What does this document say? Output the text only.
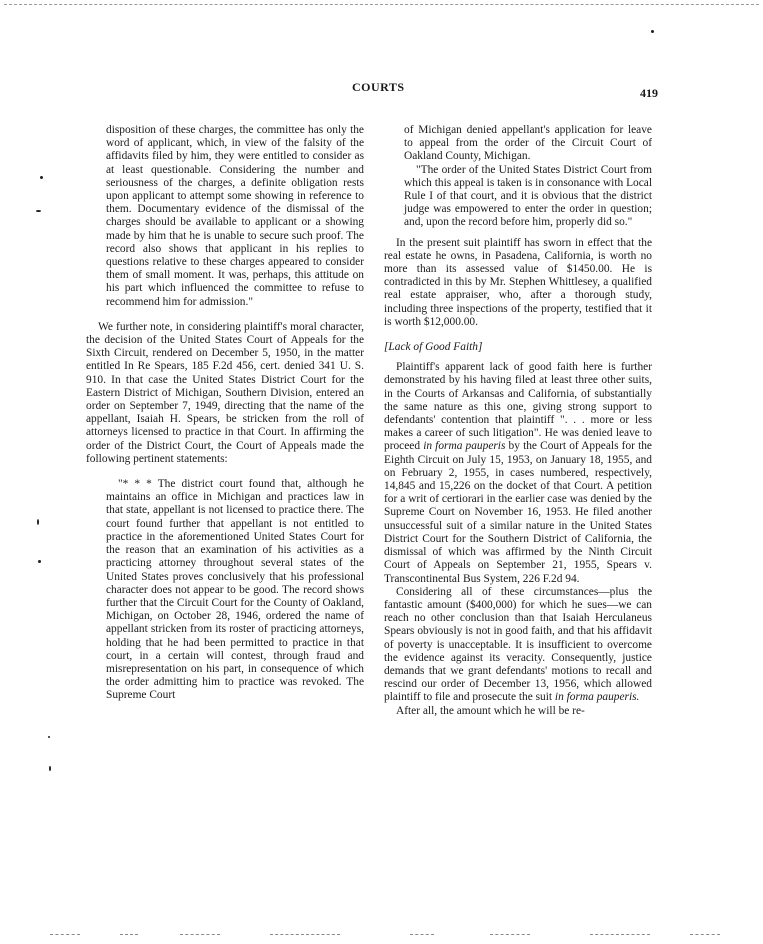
COURTS	419

disposition of these charges, the committee has only the word of applicant, which, in view of the falsity of the affidavits filed by him, they were entitled to consider as at least questionable. Considering the number and seriousness of the charges, a definite obligation rests upon applicant to attempt some showing in reference to them. Documentary evidence of the dismissal of the charges should be available to applicant or a showing made by him that he is unable to secure such proof. The record also shows that applicant in his replies to questions relative to these charges appeared to consider them of small moment. It was, perhaps, this attitude on his part which influenced the committee to refuse to recommend him for admission."

We further note, in considering plaintiff's moral character, the decision of the United States Court of Appeals for the Sixth Circuit, rendered on December 5, 1950, in the matter entitled In Re Spears, 185 F.2d 456, cert. denied 341 U. S. 910. In that case the United States District Court for the Eastern District of Michigan, Southern Division, entered an order on September 7, 1949, directing that the name of the appellant, Isaiah H. Spears, be stricken from the roll of attorneys licensed to practice in that Court. In affirming the order of the District Court, the Court of Appeals made the following pertinent statements:

"* * * The district court found that, although he maintains an office in Michigan and practices law in that state, appellant is not licensed to practice there. The court found further that appellant is not entitled to practice in the aforementioned United States Court for the reason that an examination of his activities as a practicing attorney throughout several states of the United States proves conclusively that his professional character does not appear to be good. The record shows further that the Circuit Court for the County of Oakland, Michigan, on October 28, 1946, ordered the name of appellant stricken from its roster of practicing attorneys, holding that he had been permitted to practice in that court, in a certain will contest, through fraud and misrepresentation on his part, in consequence of which the order admitting him to practice was revoked. The Supreme Court

of Michigan denied appellant's application for leave to appeal from the order of the Circuit Court of Oakland County, Michigan.

"The order of the United States District Court from which this appeal is taken is in consonance with Local Rule I of that court, and it is obvious that the district judge was empowered to enter the order in question; and, upon the record before him, properly did so."

In the present suit plaintiff has sworn in effect that the real estate he owns, in Pasadena, California, is worth no more than its assessed value of $1450.00. He is contradicted in this by Mr. Stephen Whittlesey, a qualified real estate appraiser, who, after a thorough study, including three inspections of the property, testified that it is worth $12,000.00.

[Lack of Good Faith]

Plaintiff's apparent lack of good faith here is further demonstrated by his having filed at least three other suits, in the Courts of Arkansas and California, of substantially the same nature as this one, giving strong support to defendants' contention that plaintiff ". . . more or less makes a career of such litigation". He was denied leave to proceed in forma pauperis by the Court of Appeals for the Eighth Circuit on July 15, 1953, on January 18, 1955, and on February 2, 1955, in cases numbered, respectively, 14,845 and 15,226 on the docket of that Court. A petition for a writ of certiorari in the earlier case was denied by the Supreme Court on November 16, 1953. He filed another unsuccessful suit of a similar nature in the United States District Court for the Southern District of California, the dismissal of which was affirmed by the Ninth Circuit Court of Appeals on September 21, 1955, Spears v. Transcontinental Bus System, 226 F.2d 94.

Considering all of these circumstances—plus the fantastic amount ($400,000) for which he sues—we can reach no other conclusion than that Isaiah Herculaneus Spears obviously is not in good faith, and that his affidavit of poverty is unacceptable. It is insufficient to overcome the evidence against its veracity. Consequently, justice demands that we grant defendants' motions to recall and rescind our order of December 13, 1956, which allowed plaintiff to file and prosecute the suit in forma pauperis.

After all, the amount which he will be re-
